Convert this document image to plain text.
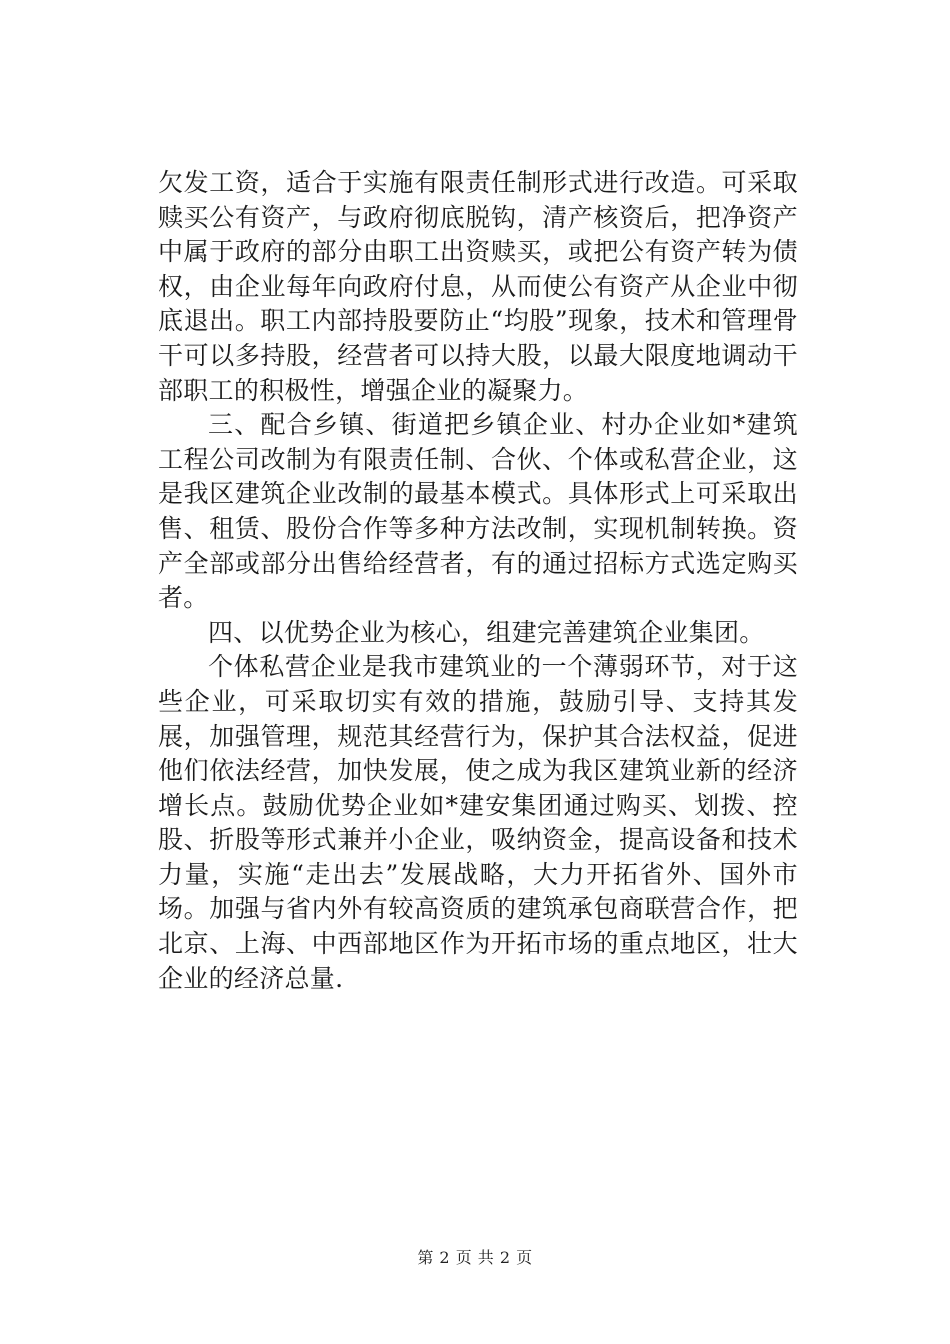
欠发工资，适合于实施有限责任制形式进行改造。可采取赎买公有资产，与政府彻底脱钩，清产核资后，把净资产中属于政府的部分由职工出资赎买，或把公有资产转为债权，由企业每年向政府付息，从而使公有资产从企业中彻底退出。职工内部持股要防止“均股”现象，技术和管理骨干可以多持股，经营者可以持大股，以最大限度地调动干部职工的积极性，增强企业的凝聚力。

三、配合乡镇、街道把乡镇企业、村办企业如*建筑工程公司改制为有限责任制、合伙、个体或私营企业，这是我区建筑企业改制的最基本模式。具体形式上可采取出售、租赁、股份合作等多种方法改制，实现机制转换。资产全部或部分出售给经营者，有的通过招标方式选定购买者。

四、以优势企业为核心，组建完善建筑企业集团。

个体私营企业是我市建筑业的一个薄弱环节，对于这些企业，可采取切实有效的措施，鼓励引导、支持其发展，加强管理，规范其经营行为，保护其合法权益，促进他们依法经营，加快发展，使之成为我区建筑业新的经济增长点。鼓励优势企业如*建安集团通过购买、划拨、控股、折股等形式兼并小企业，吸纳资金，提高设备和技术力量，实施“走出去”发展战略，大力开拓省外、国外市场。加强与省内外有较高资质的建筑承包商联营合作，把北京、上海、中西部地区作为开拓市场的重点地区，壮大企业的经济总量.

第 2 页 共 2 页
